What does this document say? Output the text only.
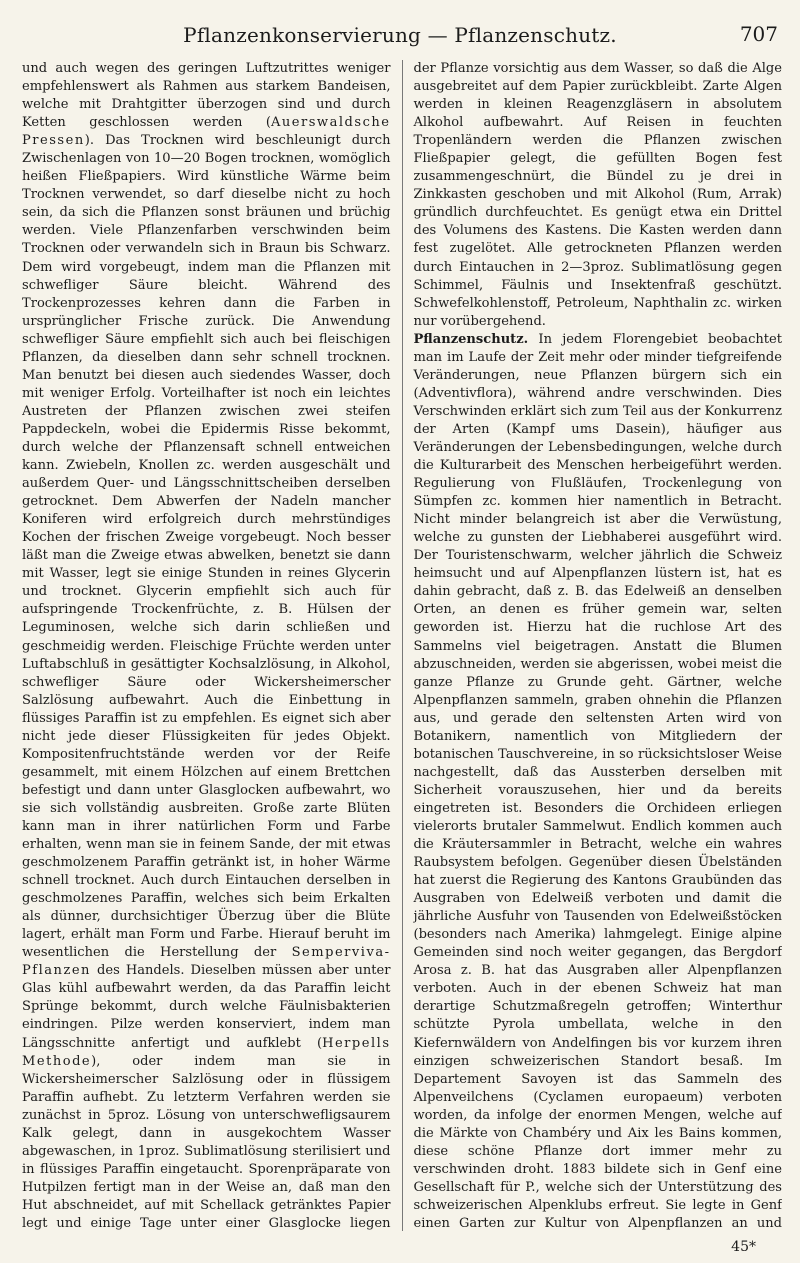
Pflanzenkonservierung — Pflanzenschutz.	707

und auch wegen des geringen Luftzutrittes weniger empfehlenswert als Rahmen aus starkem Bandeisen, welche mit Drahtgitter überzogen sind und durch Ketten geschlossen werden (Auerswaldsche Pressen). Das Trocknen wird beschleunigt durch Zwischenlagen von 10—20 Bogen trocknen, womöglich heißen Fließpapiers. Wird künstliche Wärme beim Trocknen verwendet, so darf dieselbe nicht zu hoch sein, da sich die Pflanzen sonst bräunen und brüchig werden. Viele Pflanzenfarben verschwinden beim Trocknen oder verwandeln sich in Braun bis Schwarz. Dem wird vorgebeugt, indem man die Pflanzen mit schwefliger Säure bleicht. Während des Trockenprozesses kehren dann die Farben in ursprünglicher Frische zurück. Die Anwendung schwefliger Säure empfiehlt sich auch bei fleischigen Pflanzen, da dieselben dann sehr schnell trocknen. Man benutzt bei diesen auch siedendes Wasser, doch mit weniger Erfolg. Vorteilhafter ist noch ein leichtes Austreten der Pflanzen zwischen zwei steifen Pappdeckeln, wobei die Epidermis Risse bekommt, durch welche der Pflanzensaft schnell entweichen kann. Zwiebeln, Knollen zc. werden ausgeschält und außerdem Quer- und Längsschnittscheiben derselben getrocknet. Dem Abwerfen der Nadeln mancher Koniferen wird erfolgreich durch mehrstündiges Kochen der frischen Zweige vorgebeugt. Noch besser läßt man die Zweige etwas abwelken, benetzt sie dann mit Wasser, legt sie einige Stunden in reines Glycerin und trocknet. Glycerin empfiehlt sich auch für aufspringende Trockenfrüchte, z. B. Hülsen der Leguminosen, welche sich darin schließen und geschmeidig werden. Fleischige Früchte werden unter Luftabschluß in gesättigter Kochsalzlösung, in Alkohol, schwefliger Säure oder Wickersheimerscher Salzlösung aufbewahrt. Auch die Einbettung in flüssiges Paraffin ist zu empfehlen. Es eignet sich aber nicht jede dieser Flüssigkeiten für jedes Objekt. Kompositenfruchtstände werden vor der Reife gesammelt, mit einem Hölzchen auf einem Brettchen befestigt und dann unter Glasglocken aufbewahrt, wo sie sich vollständig ausbreiten. Große zarte Blüten kann man in ihrer natürlichen Form und Farbe erhalten, wenn man sie in feinem Sande, der mit etwas geschmolzenem Paraffin getränkt ist, in hoher Wärme schnell trocknet. Auch durch Eintauchen derselben in geschmolzenes Paraffin, welches sich beim Erkalten als dünner, durchsichtiger Überzug über die Blüte lagert, erhält man Form und Farbe. Hierauf beruht im wesentlichen die Herstellung der Sempervivа-Pflanzen des Handels. Dieselben müssen aber unter Glas kühl aufbewahrt werden, da das Paraffin leicht Sprünge bekommt, durch welche Fäulnisbakterien eindringen. Pilze werden konserviert, indem man Längsschnitte anfertigt und aufklebt (Herpells Methode), oder indem man sie in Wickersheimerscher Salzlösung oder in flüssigem Paraffin aufhebt. Zu letzterm Verfahren werden sie zunächst in 5proz. Lösung von unterschwefligsaurem Kalk gelegt, dann in ausgekochtem Wasser abgewaschen, in 1proz. Sublimatlösung sterilisiert und in flüssiges Paraffin eingetaucht. Sporenpräparate von Hutpilzen fertigt man in der Weise an, daß man den Hut abschneidet, auf mit Schellack getränktes Papier legt und einige Tage unter einer Glasglocke liegen

der Pflanze vorsichtig aus dem Wasser, so daß die Alge ausgebreitet auf dem Papier zurückbleibt. Zarte Algen werden in kleinen Reagenzgläsern in absolutem Alkohol aufbewahrt. Auf Reisen in feuchten Tropenländern werden die Pflanzen zwischen Fließpapier gelegt, die gefüllten Bogen fest zusammengeschnürt, die Bündel zu je drei in Zinkkasten geschoben und mit Alkohol (Rum, Arrak) gründlich durchfeuchtet. Es genügt etwa ein Drittel des Volumens des Kastens. Die Kasten werden dann fest zugelötet. Alle getrockneten Pflanzen werden durch Eintauchen in 2—3proz. Sublimatlösung gegen Schimmel, Fäulnis und Insektenfraß geschützt. Schwefelkohlenstoff, Petroleum, Naphthalin zc. wirken nur vorübergehend.

Pflanzenschutz. In jedem Florengebiet beobachtet man im Laufe der Zeit mehr oder minder tiefgreifende Veränderungen, neue Pflanzen bürgern sich ein (Adventivflora), während andre verschwinden. Dies Verschwinden erklärt sich zum Teil aus der Konkurrenz der Arten (Kampf ums Dasein), häufiger aus Veränderungen der Lebensbedingungen, welche durch die Kulturarbeit des Menschen herbeigeführt werden. Regulierung von Flußläufen, Trockenlegung von Sümpfen zc. kommen hier namentlich in Betracht. Nicht minder belangreich ist aber die Verwüstung, welche zu gunsten der Liebhaberei ausgeführt wird. Der Touristenschwarm, welcher jährlich die Schweiz heimsucht und auf Alpenpflanzen lüstern ist, hat es dahin gebracht, daß z. B. das Edelweiß an denselben Orten, an denen es früher gemein war, selten geworden ist. Hierzu hat die ruchlose Art des Sammelns viel beigetragen. Anstatt die Blumen abzuschneiden, werden sie abgerissen, wobei meist die ganze Pflanze zu Grunde geht. Gärtner, welche Alpenpflanzen sammeln, graben ohnehin die Pflanzen aus, und gerade den seltensten Arten wird von Botanikern, namentlich von Mitgliedern der botanischen Tauschvereine, in so rücksichtsloser Weise nachgestellt, daß das Aussterben derselben mit Sicherheit vorauszusehen, hier und da bereits eingetreten ist. Besonders die Orchideen erliegen vielerorts brutaler Sammelwut. Endlich kommen auch die Kräutersammler in Betracht, welche ein wahres Raubsystem befolgen. Gegenüber diesen Übelständen hat zuerst die Regierung des Kantons Graubünden das Ausgraben von Edelweiß verboten und damit die jährliche Ausfuhr von Tausenden von Edelweißstöcken (besonders nach Amerika) lahmgelegt. Einige alpine Gemeinden sind noch weiter gegangen, das Bergdorf Arosa z. B. hat das Ausgraben aller Alpenpflanzen verboten. Auch in der ebenen Schweiz hat man derartige Schutzmaßregeln getroffen; Winterthur schützte Pyrola umbellata, welche in den Kiefernwäldern von Andelfingen bis vor kurzem ihren einzigen schweizerischen Standort besaß. Im Departement Savoyen ist das Sammeln des Alpenveilchens (Cyclamen europaeum) verboten worden, da infolge der enormen Mengen, welche auf die Märkte von Chambéry und Aix les Bains kommen, diese schöne Pflanze dort immer mehr zu verschwinden droht. 1883 bildete sich in Genf eine Gesellschaft für P., welche sich der Unterstützung des schweizerischen Alpenklubs erfreut. Sie legte in Genf einen Garten zur Kultur von Alpenpflanzen an und

45*
